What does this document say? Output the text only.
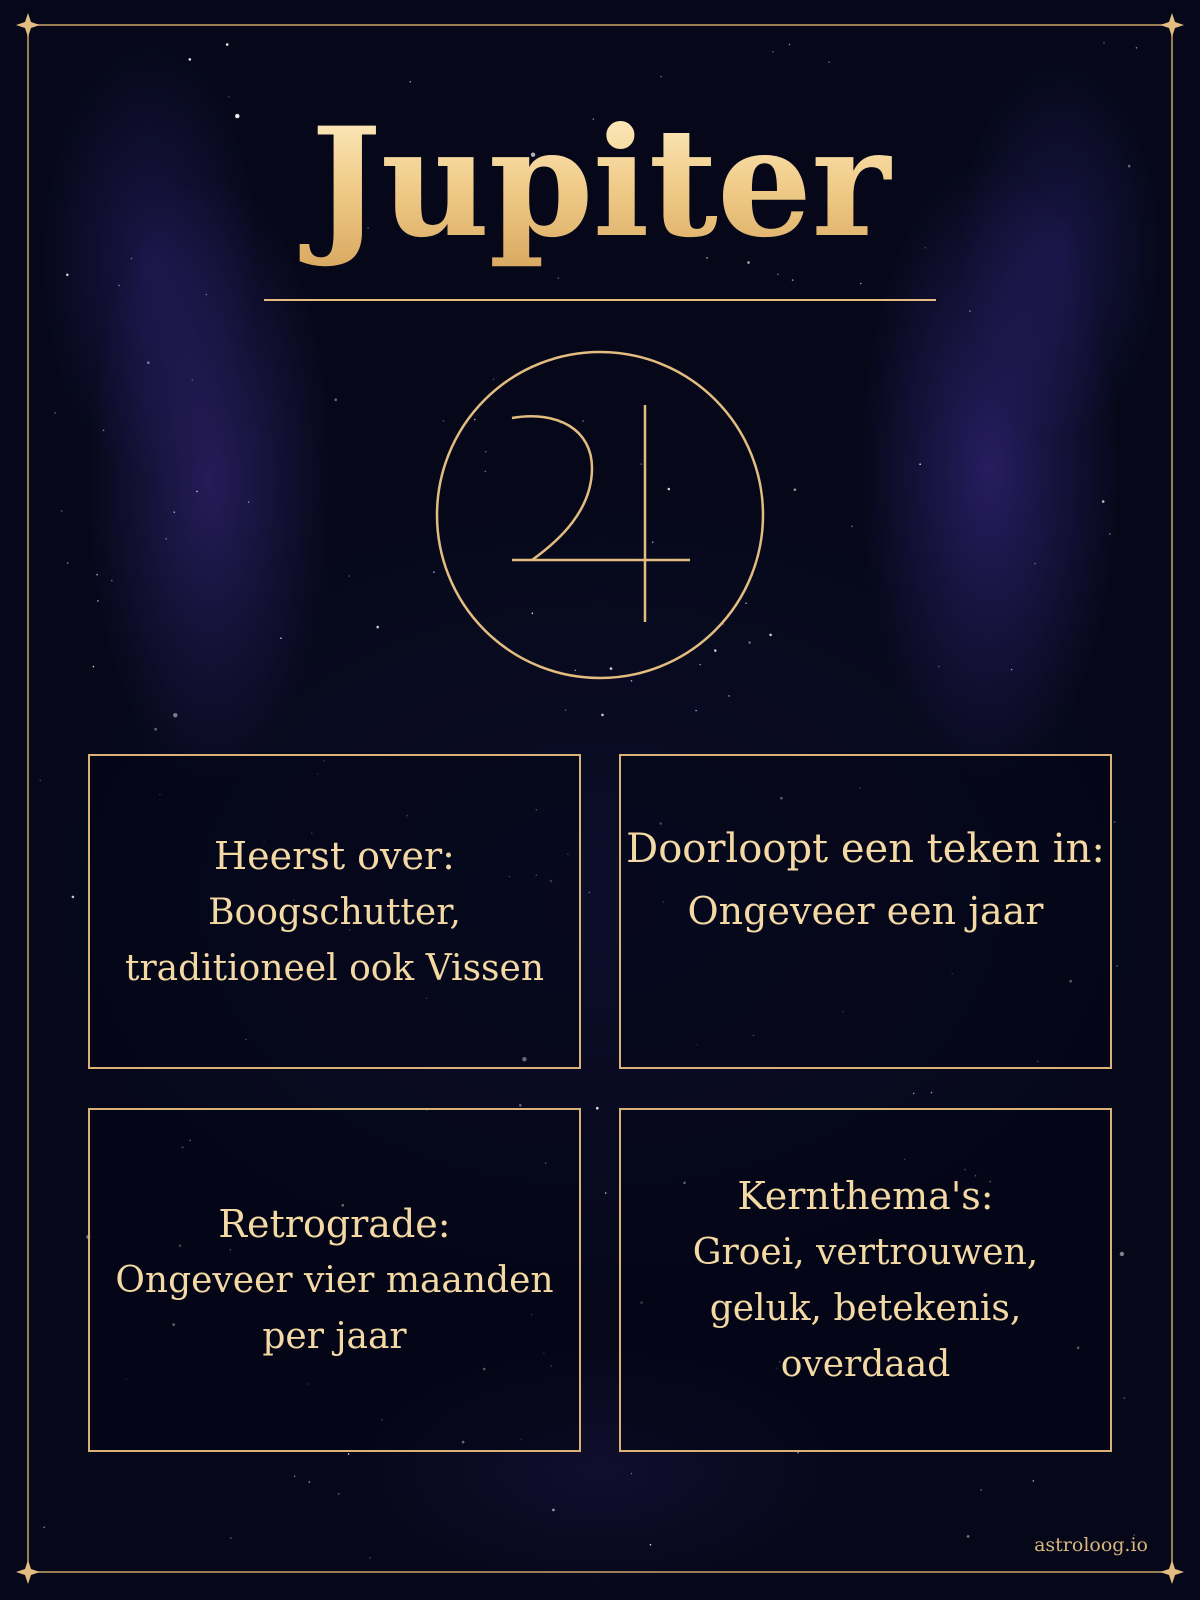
Jupiter
Heerst over:
Boogschutter,
traditioneel ook Vissen
Doorloopt een teken in:
Ongeveer een jaar
Retrograde:
Ongeveer vier maanden
per jaar
Kernthema's:
Groei, vertrouwen,
geluk, betekenis,
overdaad
astroloog.io
